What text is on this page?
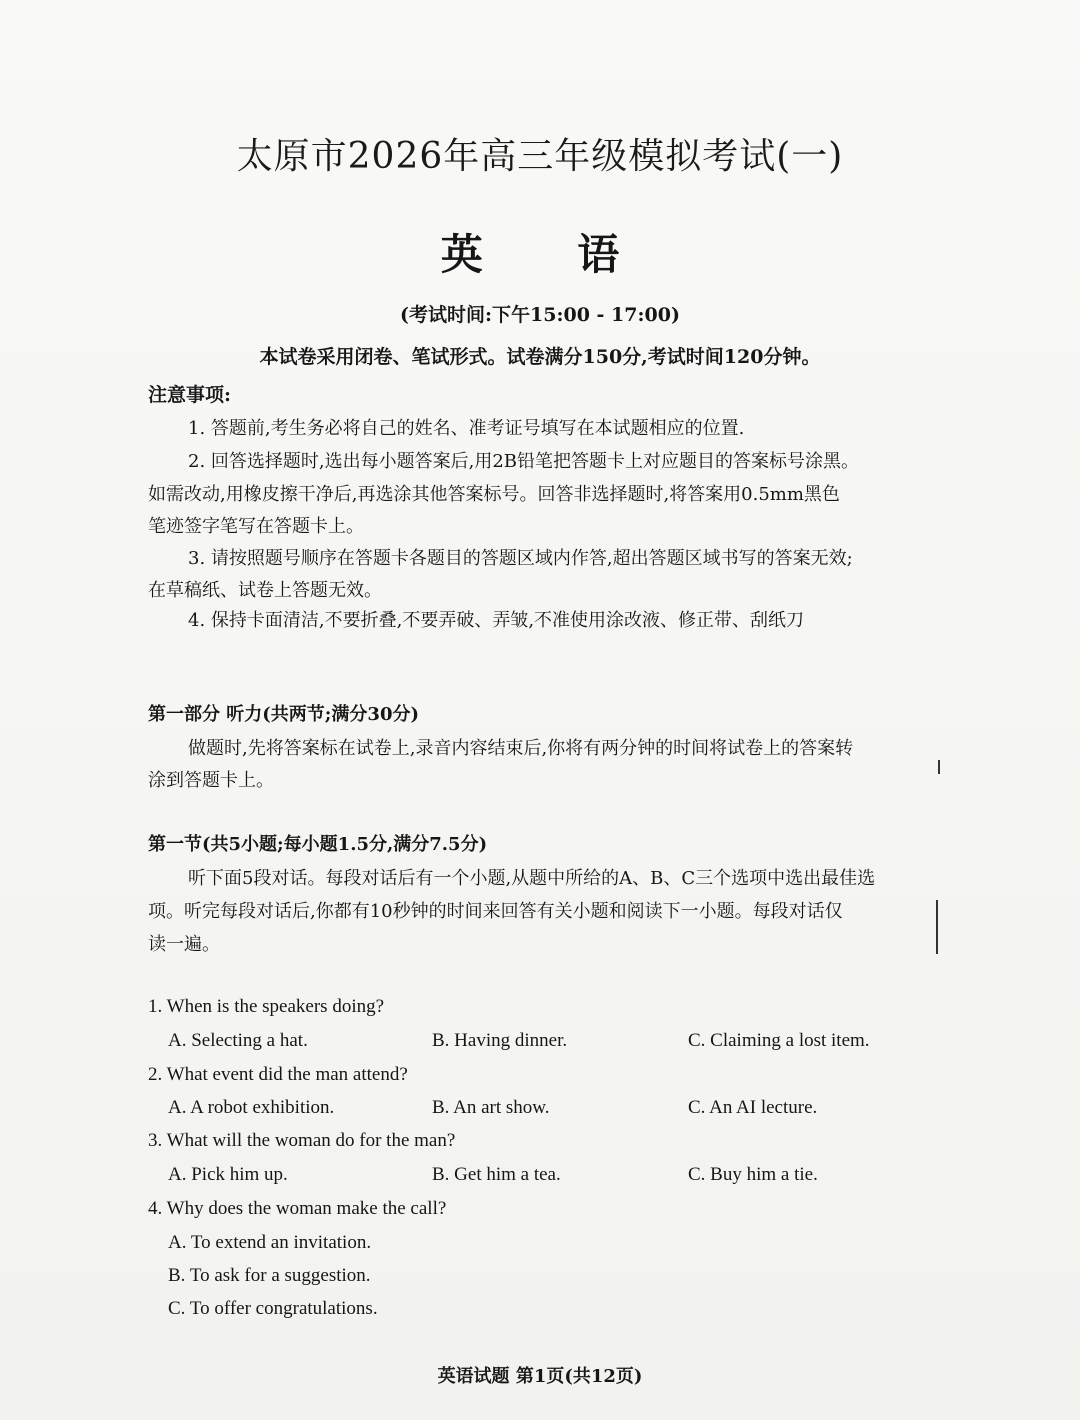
太原市2026年高三年级模拟考试(一)
英 语
(考试时间:下午15:00 - 17:00)
本试卷采用闭卷、笔试形式。试卷满分150分,考试时间120分钟。
注意事项:
1. 答题前,考生务必将自己的姓名、准考证号填写在本试题相应的位置.
2. 回答选择题时,选出每小题答案后,用2B铅笔把答题卡上对应题目的答案标号涂黑。
如需改动,用橡皮擦干净后,再选涂其他答案标号。回答非选择题时,将答案用0.5mm黑色
笔迹签字笔写在答题卡上。
3. 请按照题号顺序在答题卡各题目的答题区域内作答,超出答题区域书写的答案无效;
在草稿纸、试卷上答题无效。
4. 保持卡面清洁,不要折叠,不要弄破、弄皱,不准使用涂改液、修正带、刮纸刀
第一部分 听力(共两节;满分30分)
做题时,先将答案标在试卷上,录音内容结束后,你将有两分钟的时间将试卷上的答案转
涂到答题卡上。
第一节(共5小题;每小题1.5分,满分7.5分)
听下面5段对话。每段对话后有一个小题,从题中所给的A、B、C三个选项中选出最佳选
项。听完每段对话后,你都有10秒钟的时间来回答有关小题和阅读下一小题。每段对话仅
读一遍。
1. When is the speakers doing?
A. Selecting a hat.	B. Having dinner.	C. Claiming a lost item.
2. What event did the man attend?
A. A robot exhibition.	B. An art show.	C. An AI lecture.
3. What will the woman do for the man?
A. Pick him up.	B. Get him a tea.	C. Buy him a tie.
4. Why does the woman make the call?
A. To extend an invitation.
B. To ask for a suggestion.
C. To offer congratulations.
英语试题 第1页(共12页)
